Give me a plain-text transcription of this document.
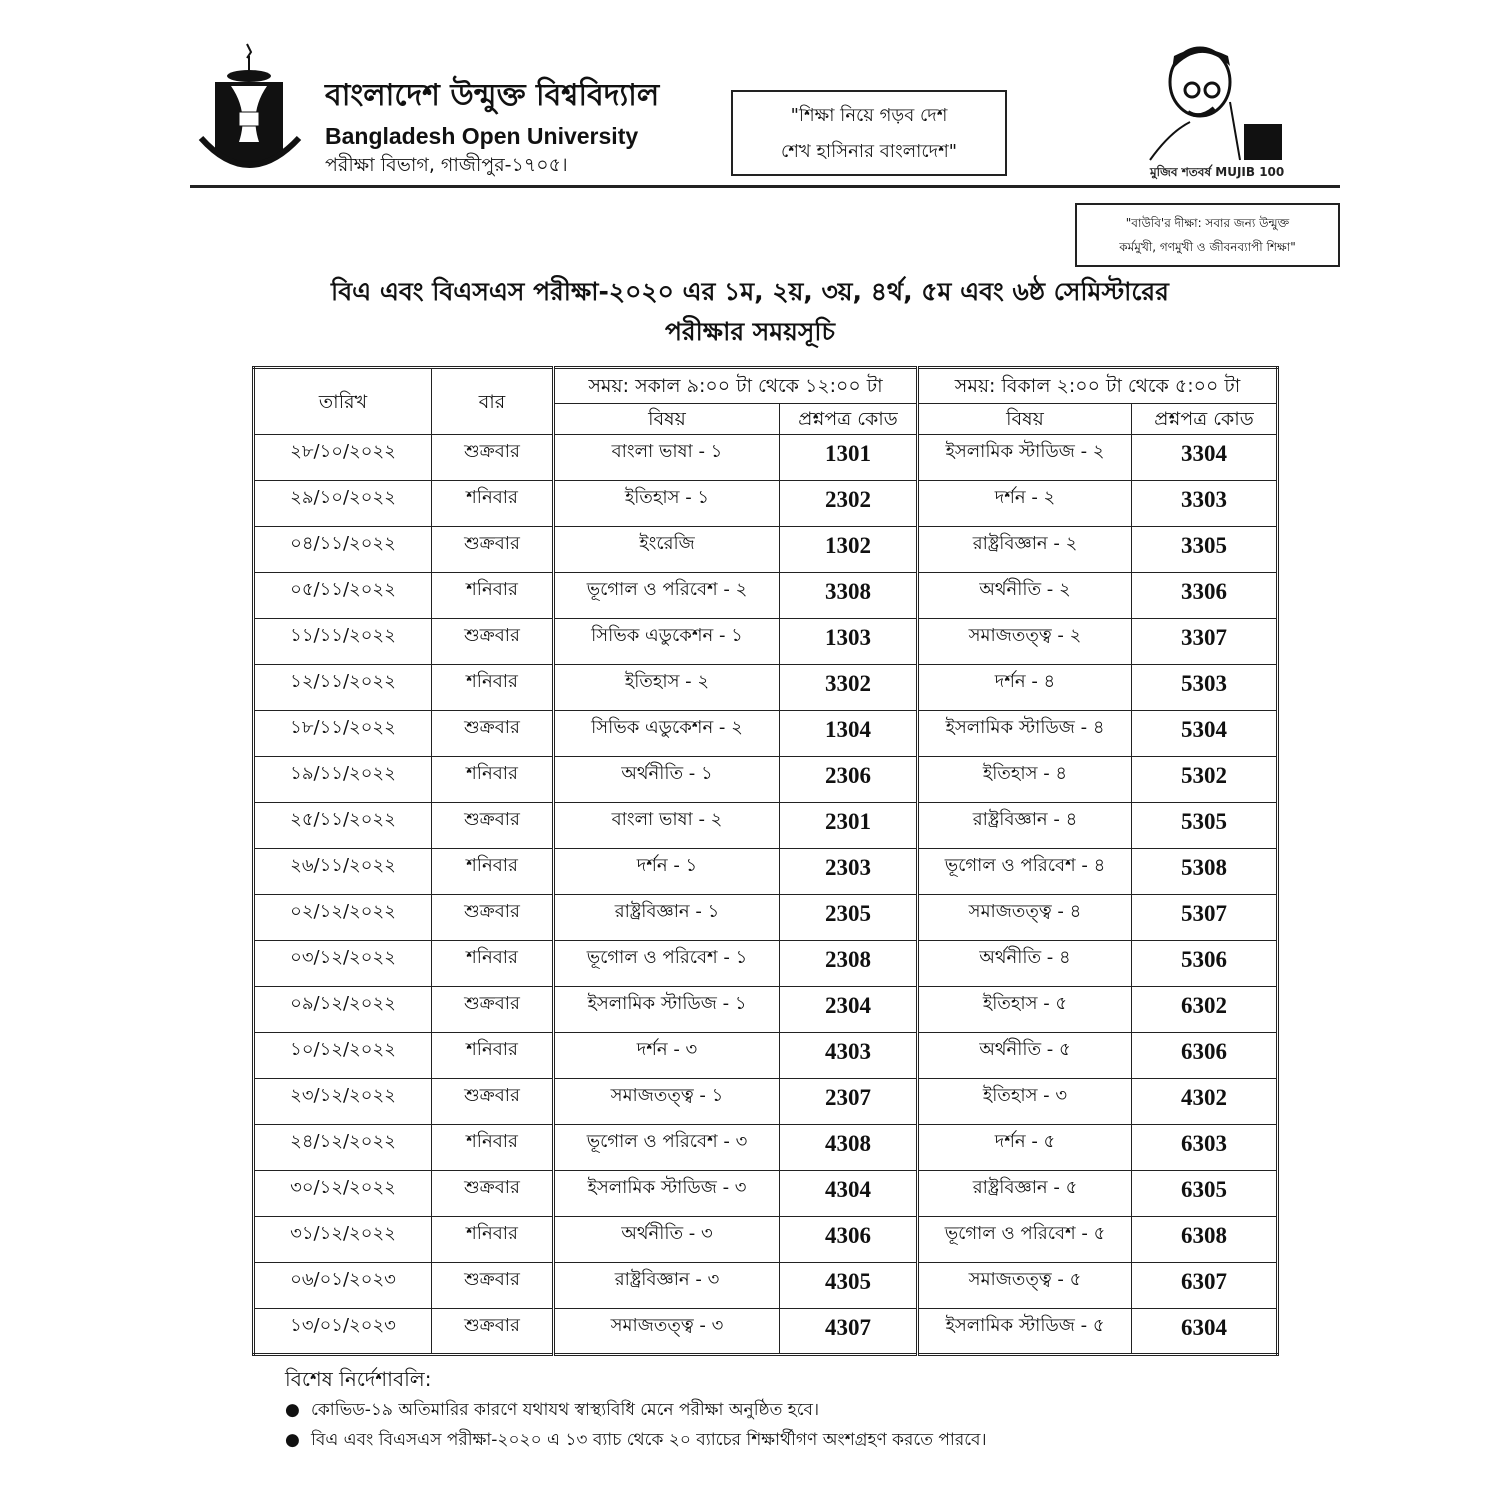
বাংলাদেশ উন্মুক্ত বিশ্ববিদ্যাল
Bangladesh Open University
পরীক্ষা বিভাগ, গাজীপুর-১৭০৫।
"শিক্ষা নিয়ে গড়ব দেশ
শেখ হাসিনার বাংলাদেশ"
মুজিব শতবর্ষ MUJIB 100
"বাউবি'র দীক্ষা: সবার জন্য উন্মুক্ত
কর্মমুখী, গণমুখী ও জীবনব্যাপী শিক্ষা"
বিএ এবং বিএসএস পরীক্ষা-২০২০ এর ১ম, ২য়, ৩য়, ৪র্থ, ৫ম এবং ৬ষ্ঠ সেমিস্টারের
পরীক্ষার সময়সূচি
তারিখ	বার	সময়: সকাল ৯:০০ টা থেকে ১২:০০ টা		সময়: বিকাল ২:০০ টা থেকে ৫:০০ টা	
		বিষয়	প্রশ্নপত্র কোড	বিষয়	প্রশ্নপত্র কোড
২৮/১০/২০২২	শুক্রবার	বাংলা ভাষা - ১	1301	ইসলামিক স্টাডিজ - ২	3304
২৯/১০/২০২২	শনিবার	ইতিহাস - ১	2302	দর্শন - ২	3303
০৪/১১/২০২২	শুক্রবার	ইংরেজি	1302	রাষ্ট্রবিজ্ঞান - ২	3305
০৫/১১/২০২২	শনিবার	ভূগোল ও পরিবেশ - ২	3308	অর্থনীতি - ২	3306
১১/১১/২০২২	শুক্রবার	সিভিক এডুকেশন - ১	1303	সমাজতত্ত্ব - ২	3307
১২/১১/২০২২	শনিবার	ইতিহাস - ২	3302	দর্শন - ৪	5303
১৮/১১/২০২২	শুক্রবার	সিভিক এডুকেশন - ২	1304	ইসলামিক স্টাডিজ - ৪	5304
১৯/১১/২০২২	শনিবার	অর্থনীতি - ১	2306	ইতিহাস - ৪	5302
২৫/১১/২০২২	শুক্রবার	বাংলা ভাষা - ২	2301	রাষ্ট্রবিজ্ঞান - ৪	5305
২৬/১১/২০২২	শনিবার	দর্শন - ১	2303	ভূগোল ও পরিবেশ - ৪	5308
০২/১২/২০২২	শুক্রবার	রাষ্ট্রবিজ্ঞান - ১	2305	সমাজতত্ত্ব - ৪	5307
০৩/১২/২০২২	শনিবার	ভূগোল ও পরিবেশ - ১	2308	অর্থনীতি - ৪	5306
০৯/১২/২০২২	শুক্রবার	ইসলামিক স্টাডিজ - ১	2304	ইতিহাস - ৫	6302
১০/১২/২০২২	শনিবার	দর্শন - ৩	4303	অর্থনীতি - ৫	6306
২৩/১২/২০২২	শুক্রবার	সমাজতত্ত্ব - ১	2307	ইতিহাস - ৩	4302
২৪/১২/২০২২	শনিবার	ভূগোল ও পরিবেশ - ৩	4308	দর্শন - ৫	6303
৩০/১২/২০২২	শুক্রবার	ইসলামিক স্টাডিজ - ৩	4304	রাষ্ট্রবিজ্ঞান - ৫	6305
৩১/১২/২০২২	শনিবার	অর্থনীতি - ৩	4306	ভূগোল ও পরিবেশ - ৫	6308
০৬/০১/২০২৩	শুক্রবার	রাষ্ট্রবিজ্ঞান - ৩	4305	সমাজতত্ত্ব - ৫	6307
১৩/০১/২০২৩	শুক্রবার	সমাজতত্ত্ব - ৩	4307	ইসলামিক স্টাডিজ - ৫	6304
বিশেষ নির্দেশাবলি:
● কোভিড-১৯ অতিমারির কারণে যথাযথ স্বাস্থ্যবিধি মেনে পরীক্ষা অনুষ্ঠিত হবে।
● বিএ এবং বিএসএস পরীক্ষা-২০২০ এ ১৩ ব্যাচ থেকে ২০ ব্যাচের শিক্ষার্থীগণ অংশগ্রহণ করতে পারবে।
